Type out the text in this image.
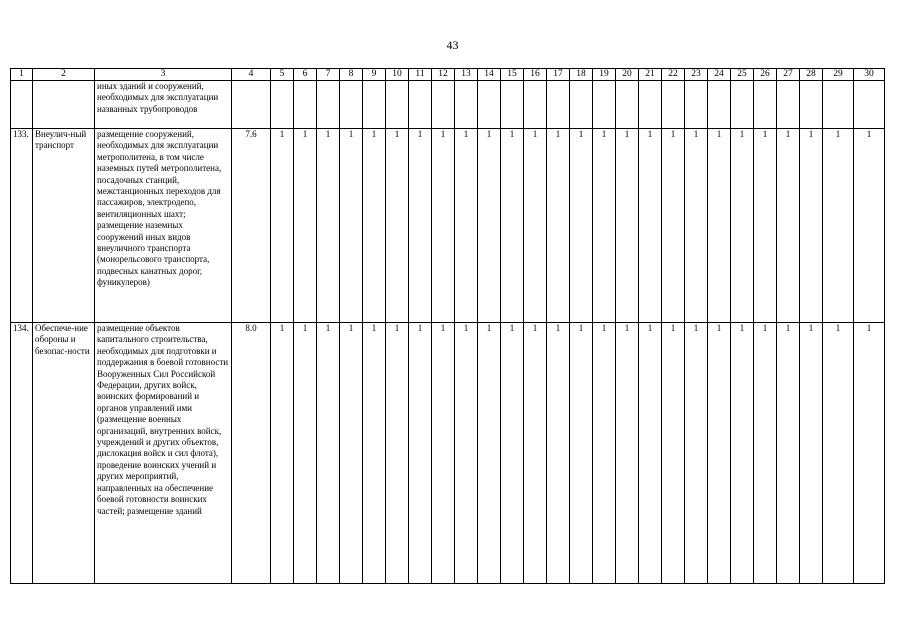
43
1	2	3	4	5	6	7	8	9	10	11	12	13	14	15	16	17	18	19	20	21	22	23	24	25	26	27	28	29	30
		иных зданий и сооружений, необходимых для эксплуатации названных трубопроводов																											
133.	Внеулич-ный транспорт	размещение сооружений, необходимых для эксплуатации метрополитена, в том числе наземных путей метрополитена, посадочных станций, межстанционных переходов для пассажиров, электродепо, вентиляционных шахт; размещение наземных сооружений иных видов внеуличного транспорта (монорельсового транспорта, подвесных канатных дорог, фуникулеров)	7.6	1	1	1	1	1	1	1	1	1	1	1	1	1	1	1	1	1	1	1	1	1	1	1	1	1	1
134.	Обеспече-ние обороны и безопас-ности	размещение объектов капитального строительства, необходимых для подготовки и поддержания в боевой готовности Вооруженных Сил Российской Федерации, других войск, воинских формирований и органов управлений ими (размещение военных организаций, внутренних войск, учреждений и других объектов, дислокация войск и сил флота), проведение воинских учений и других мероприятий, направленных на обеспечение боевой готовности воинских частей; размещение зданий	8.0	1	1	1	1	1	1	1	1	1	1	1	1	1	1	1	1	1	1	1	1	1	1	1	1	1	1
